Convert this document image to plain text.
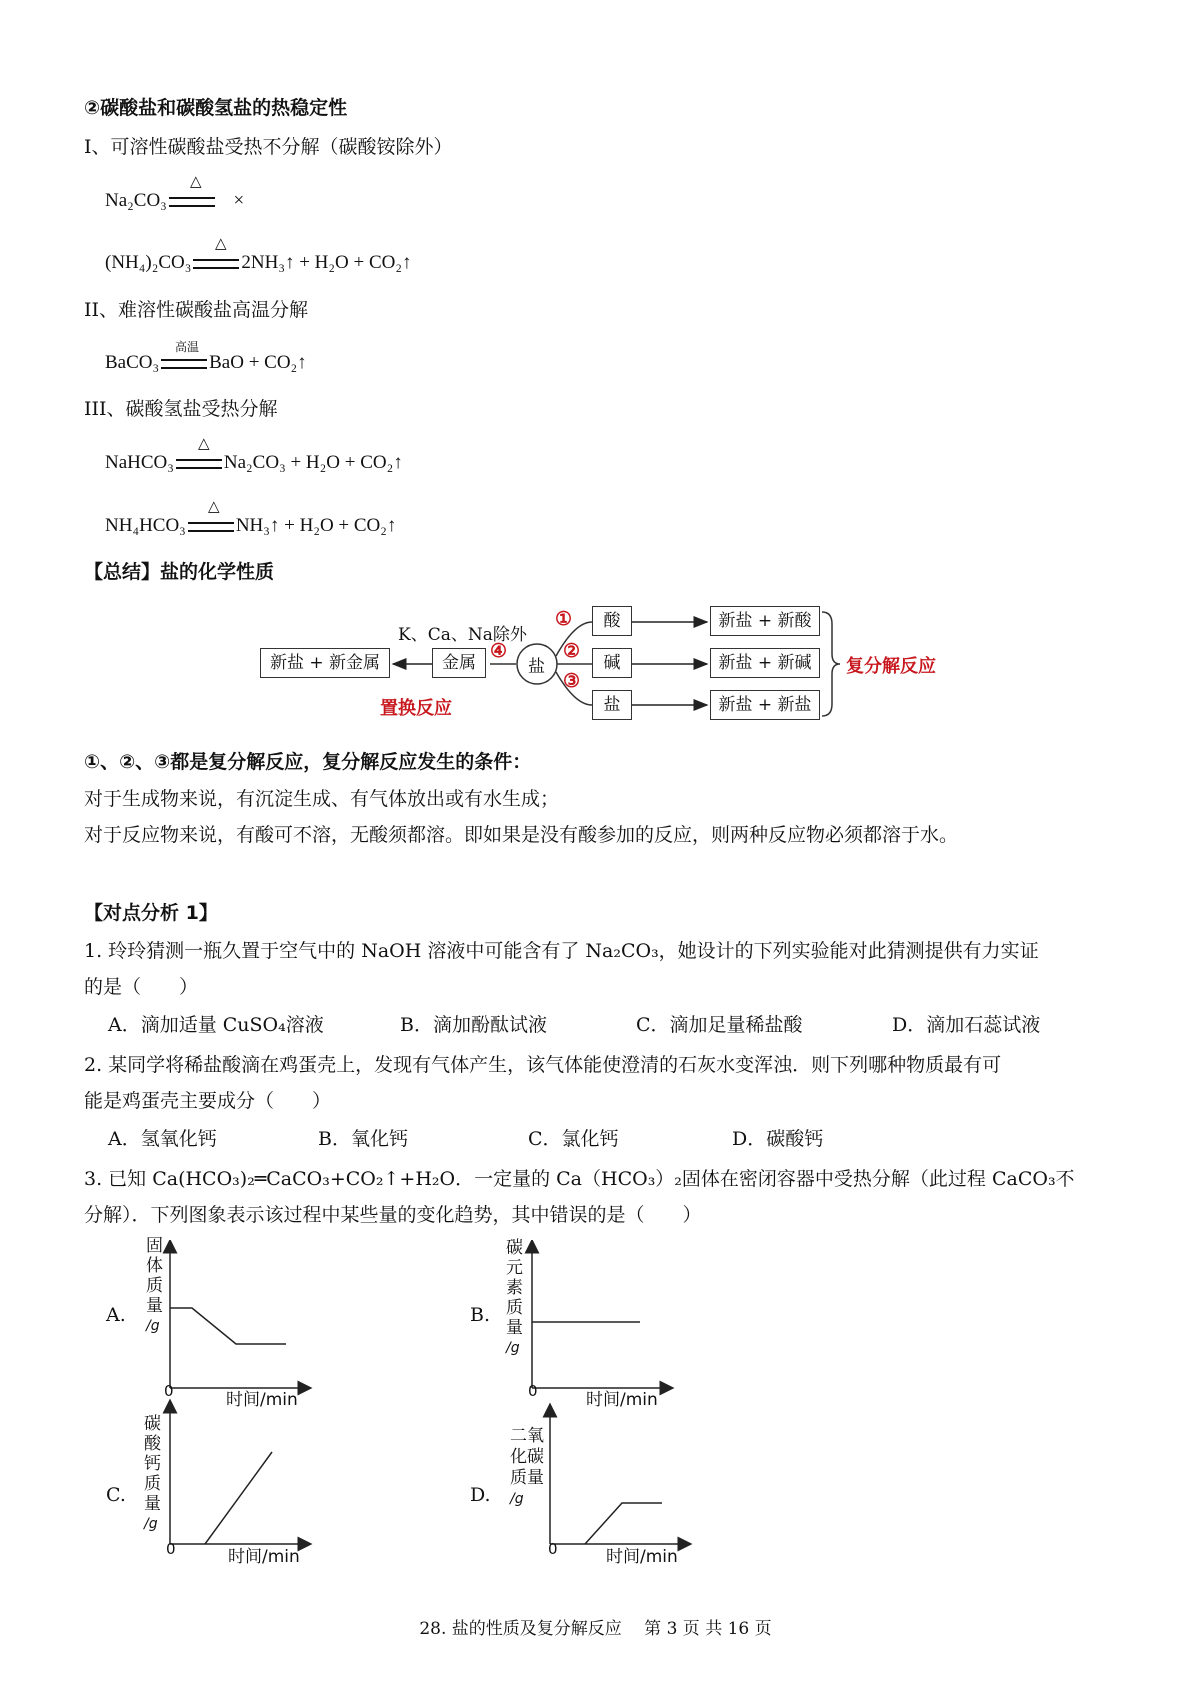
②碳酸盐和碳酸氢盐的热稳定性
I、可溶性碳酸盐受热不分解（碳酸铵除外）
Na₂CO₃	×
△
(NH₄)₂CO₃	2NH₃↑ + H₂O + CO₂↑
△
II、难溶性碳酸盐高温分解
BaCO₃	BaO + CO₂↑
高温
III、碳酸氢盐受热分解
NaHCO₃	Na₂CO₃ + H₂O + CO₂↑
△
NH₄HCO₃	NH₃↑ + H₂O + CO₂↑
△
【总结】盐的化学性质
K、Ca、Na除外
新盐 + 新金属	金属	盐
④
①
②
③
酸
碱
盐
新盐 + 新酸
新盐 + 新碱
新盐 + 新盐
复分解反应
置换反应
①、②、③都是复分解反应，复分解反应发生的条件：
对于生成物来说，有沉淀生成、有气体放出或有水生成；
对于反应物来说，有酸可不溶，无酸须都溶。即如果是没有酸参加的反应，则两种反应物必须都溶于水。
【对点分析 1】
1. 玲玲猜测一瓶久置于空气中的 NaOH 溶液中可能含有了 Na₂CO₃，她设计的下列实验能对此猜测提供有力实证
的是（　　）
A．滴加适量 CuSO₄溶液	B．滴加酚酞试液	C．滴加足量稀盐酸	D．滴加石蕊试液
2. 某同学将稀盐酸滴在鸡蛋壳上，发现有气体产生，该气体能使澄清的石灰水变浑浊．则下列哪种物质最有可
能是鸡蛋壳主要成分（　　）
A．氢氧化钙	B．氧化钙	C．氯化钙	D．碳酸钙
3. 已知 Ca(HCO₃)₂═CaCO₃+CO₂↑+H₂O．一定量的 Ca（HCO₃）₂固体在密闭容器中受热分解（此过程 CaCO₃不
分解）．下列图象表示该过程中某些量的变化趋势，其中错误的是（　　）
A.
固
体
质
量
/g
0	时间/min
B.
碳
元
素
质
量
/g
0	时间/min
C.
碳
酸
钙
质
量
/g
0	时间/min
D.
二氧
化碳
质量
/g
0	时间/min
28. 盐的性质及复分解反应　 第 3 页 共 16 页
